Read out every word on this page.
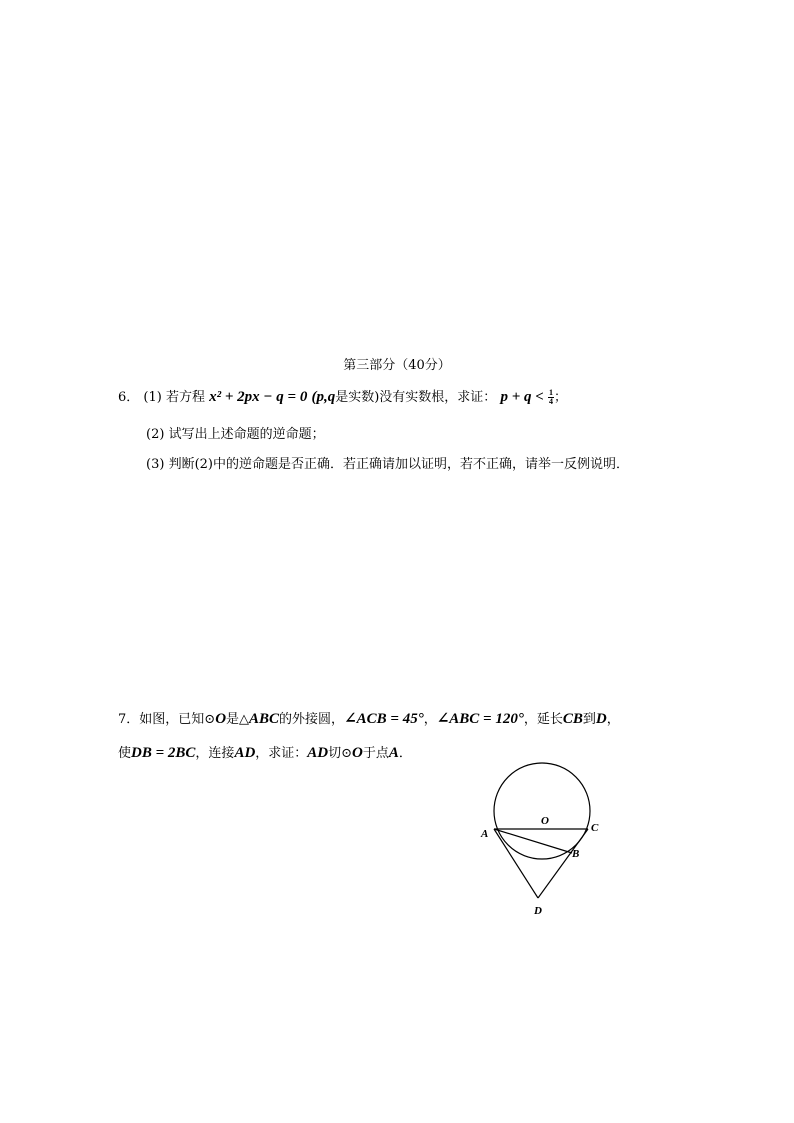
第三部分（40分）
6． (1) 若方程 x² + 2px − q = 0 (p,q是实数)没有实数根，求证： $p + q < \frac{1}{4}$ ；
(2) 试写出上述命题的逆命题；
(3) 判断(2)中的逆命题是否正确．若正确请加以证明，若不正确，请举一反例说明．
7．如图，已知⊙O是△ABC的外接圆，∠ACB = 45°，∠ABC = 120°，延长CB到D，
使DB = 2BC，连接AD，求证：AD切⊙O于点A．
A	C
O
B
D
